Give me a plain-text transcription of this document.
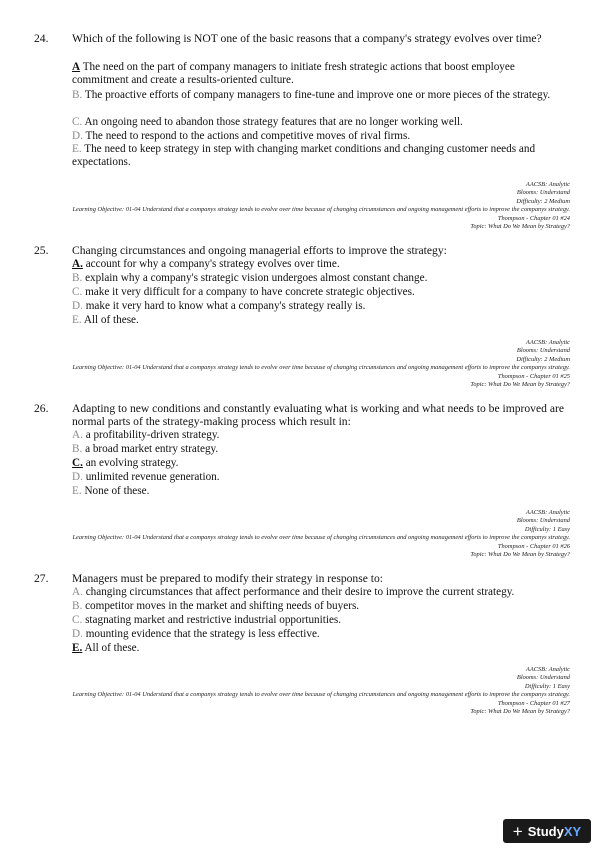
24. Which of the following is NOT one of the basic reasons that a company's strategy evolves over time?
A The need on the part of company managers to initiate fresh strategic actions that boost employee commitment and create a results-oriented culture.
B. The proactive efforts of company managers to fine-tune and improve one or more pieces of the strategy.
C. An ongoing need to abandon those strategy features that are no longer working well.
D. The need to respond to the actions and competitive moves of rival firms.
E. The need to keep strategy in step with changing market conditions and changing customer needs and expectations.
AACSB: Analytic
Blooms: Understand
Difficulty: 2 Medium
Learning Objective: 01-04 Understand that a companys strategy tends to evolve over time because of changing circumstances and ongoing management efforts to improve the companys strategy.
Thompson - Chapter 01 #24
Topic: What Do We Mean by Strategy?
25. Changing circumstances and ongoing managerial efforts to improve the strategy:
A. account for why a company's strategy evolves over time.
B. explain why a company's strategic vision undergoes almost constant change.
C. make it very difficult for a company to have concrete strategic objectives.
D. make it very hard to know what a company's strategy really is.
E. All of these.
AACSB: Analytic
Blooms: Understand
Difficulty: 2 Medium
Learning Objective: 01-04 Understand that a companys strategy tends to evolve over time because of changing circumstances and ongoing management efforts to improve the companys strategy.
Thompson - Chapter 01 #25
Topic: What Do We Mean by Strategy?
26. Adapting to new conditions and constantly evaluating what is working and what needs to be improved are normal parts of the strategy-making process which result in:
A. a profitability-driven strategy.
B. a broad market entry strategy.
C. an evolving strategy.
D. unlimited revenue generation.
E. None of these.
AACSB: Analytic
Blooms: Understand
Difficulty: 1 Easy
Learning Objective: 01-04 Understand that a companys strategy tends to evolve over time because of changing circumstances and ongoing management efforts to improve the companys strategy.
Thompson - Chapter 01 #26
Topic: What Do We Mean by Strategy?
27. Managers must be prepared to modify their strategy in response to:
A. changing circumstances that affect performance and their desire to improve the current strategy.
B. competitor moves in the market and shifting needs of buyers.
C. stagnating market and restrictive industrial opportunities.
D. mounting evidence that the strategy is less effective.
E. All of these.
AACSB: Analytic
Blooms: Understand
Difficulty: 1 Easy
Learning Objective: 01-04 Understand that a companys strategy tends to evolve over time because of changing circumstances and ongoing management efforts to improve the companys strategy.
Thompson - Chapter 01 #27
Topic: What Do We Mean by Strategy?
+ Study XY
